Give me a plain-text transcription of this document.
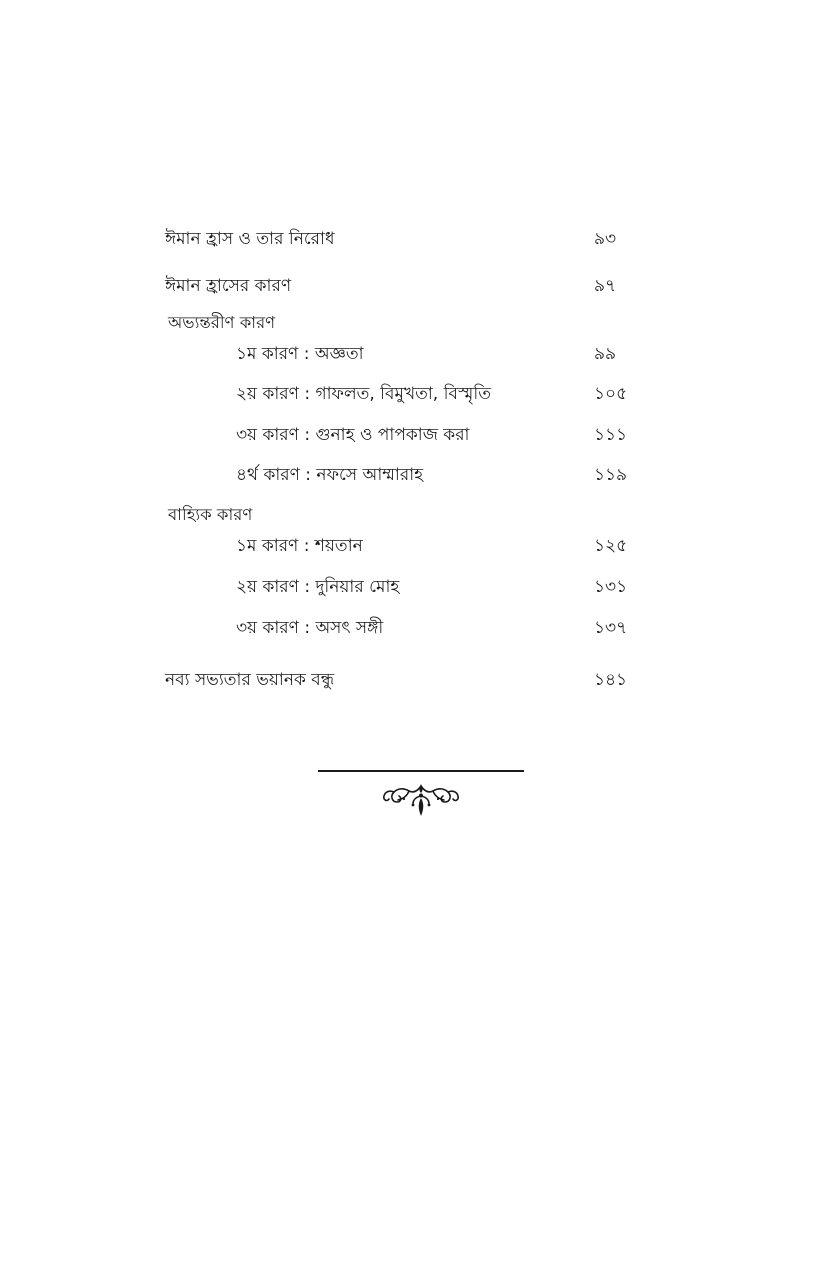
ঈমান হ্রাস ও তার নিরোধ	৯৩
ঈমান হ্রাসের কারণ	৯৭
অভ্যন্তরীণ কারণ
১ম কারণ : অজ্ঞতা	৯৯
২য় কারণ : গাফলত, বিমুখতা, বিস্মৃতি	১০৫
৩য় কারণ : গুনাহ ও পাপকাজ করা	১১১
৪র্থ কারণ : নফসে আম্মারাহ	১১৯
বাহ্যিক কারণ
১ম কারণ : শয়তান	১২৫
২য় কারণ : দুনিয়ার মোহ	১৩১
৩য় কারণ : অসৎ সঙ্গী	১৩৭
নব্য সভ্যতার ভয়ানক বন্ধু	১৪১
